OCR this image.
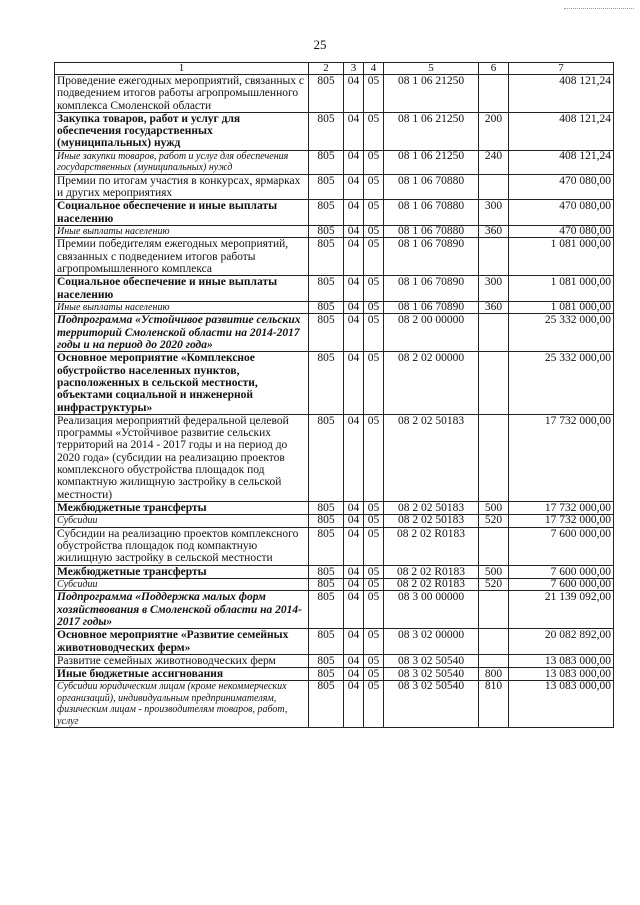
25
1	2	3	4	5	6	7
Проведение ежегодных мероприятий, связанных с подведением итогов работы агропромышленного комплекса Смоленской области	805	04	05	08 1 06 21250		408 121,24
Закупка товаров, работ и услуг для обеспечения государственных (муниципальных) нужд	805	04	05	08 1 06 21250	200	408 121,24
Иные закупки товаров, работ и услуг для обеспечения государственных (муниципальных) нужд	805	04	05	08 1 06 21250	240	408 121,24
Премии по итогам участия в конкурсах, ярмарках и других мероприятиях	805	04	05	08 1 06 70880		470 080,00
Социальное обеспечение и иные выплаты населению	805	04	05	08 1 06 70880	300	470 080,00
Иные выплаты населению	805	04	05	08 1 06 70880	360	470 080,00
Премии победителям ежегодных мероприятий, связанных с подведением итогов работы агропромышленного комплекса	805	04	05	08 1 06 70890		1 081 000,00
Социальное обеспечение и иные выплаты населению	805	04	05	08 1 06 70890	300	1 081 000,00
Иные выплаты населению	805	04	05	08 1 06 70890	360	1 081 000,00
Подпрограмма «Устойчивое развитие сельских территорий Смоленской области на 2014-2017 годы и на период до 2020 года»	805	04	05	08 2 00 00000		25 332 000,00
Основное мероприятие «Комплексное обустройство населенных пунктов, расположенных в сельской местности, объектами социальной и инженерной инфраструктуры»	805	04	05	08 2 02 00000		25 332 000,00
Реализация мероприятий федеральной целевой программы «Устойчивое развитие сельских территорий на 2014 - 2017 годы и на период до 2020 года» (субсидии на реализацию проектов комплексного обустройства площадок под компактную жилищную застройку в сельской местности)	805	04	05	08 2 02 50183		17 732 000,00
Межбюджетные трансферты	805	04	05	08 2 02 50183	500	17 732 000,00
Субсидии	805	04	05	08 2 02 50183	520	17 732 000,00
Субсидии на реализацию проектов комплексного обустройства площадок под компактную жилищную застройку в сельской местности	805	04	05	08 2 02 R0183		7 600 000,00
Межбюджетные трансферты	805	04	05	08 2 02 R0183	500	7 600 000,00
Субсидии	805	04	05	08 2 02 R0183	520	7 600 000,00
Подпрограмма «Поддержка малых форм хозяйствования в Смоленской области на 2014-2017 годы»	805	04	05	08 3 00 00000		21 139 092,00
Основное мероприятие «Развитие семейных животноводческих ферм»	805	04	05	08 3 02 00000		20 082 892,00
Развитие семейных животноводческих ферм	805	04	05	08 3 02 50540		13 083 000,00
Иные бюджетные ассигнования	805	04	05	08 3 02 50540	800	13 083 000,00
Субсидии юридическим лицам (кроме некоммерческих организаций), индивидуальным предпринимателям, физическим лицам - производителям товаров, работ, услуг	805	04	05	08 3 02 50540	810	13 083 000,00
